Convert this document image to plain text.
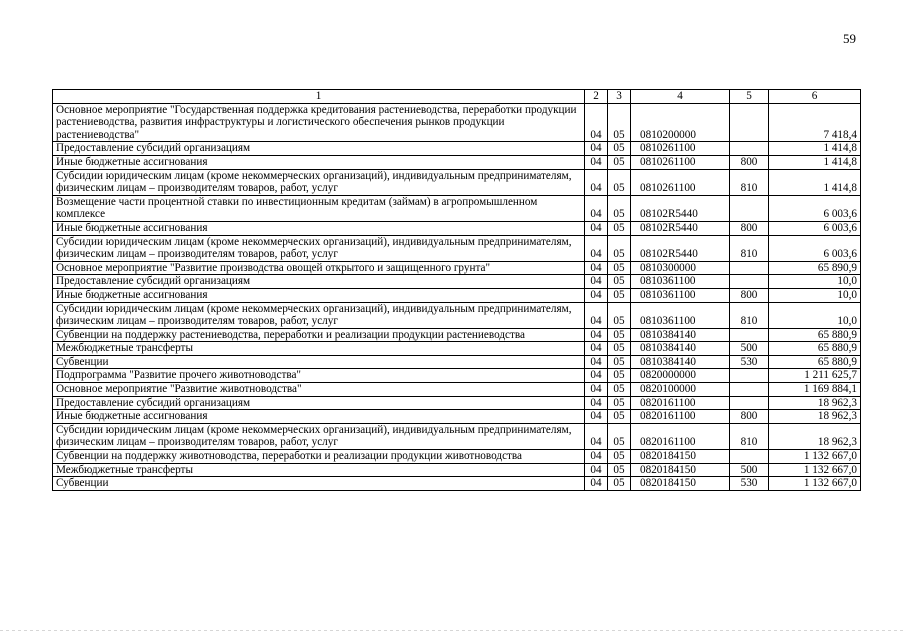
59
1	2	3	4	5	6
Основное мероприятие "Государственная поддержка кредитования растениеводства, переработки продукции растениеводства, развития инфраструктуры и логистического обеспечения рынков продукции растениеводства"	04	05	0810200000		7 418,4
Предоставление субсидий организациям	04	05	0810261100		1 414,8
Иные бюджетные ассигнования	04	05	0810261100	800	1 414,8
Субсидии юридическим лицам (кроме некоммерческих организаций), индивидуальным предпринимателям, физическим лицам – производителям товаров, работ, услуг	04	05	0810261100	810	1 414,8
Возмещение части процентной ставки по инвестиционным кредитам (займам) в агропромышленном комплексе	04	05	08102R5440		6 003,6
Иные бюджетные ассигнования	04	05	08102R5440	800	6 003,6
Субсидии юридическим лицам (кроме некоммерческих организаций), индивидуальным предпринимателям, физическим лицам – производителям товаров, работ, услуг	04	05	08102R5440	810	6 003,6
Основное мероприятие "Развитие производства овощей открытого и защищенного грунта"	04	05	0810300000		65 890,9
Предоставление субсидий организациям	04	05	0810361100		10,0
Иные бюджетные ассигнования	04	05	0810361100	800	10,0
Субсидии юридическим лицам (кроме некоммерческих организаций), индивидуальным предпринимателям, физическим лицам – производителям товаров, работ, услуг	04	05	0810361100	810	10,0
Субвенции на поддержку растениеводства, переработки и реализации продукции растениеводства	04	05	0810384140		65 880,9
Межбюджетные трансферты	04	05	0810384140	500	65 880,9
Субвенции	04	05	0810384140	530	65 880,9
Подпрограмма "Развитие прочего животноводства"	04	05	0820000000		1 211 625,7
Основное мероприятие "Развитие животноводства"	04	05	0820100000		1 169 884,1
Предоставление субсидий организациям	04	05	0820161100		18 962,3
Иные бюджетные ассигнования	04	05	0820161100	800	18 962,3
Субсидии юридическим лицам (кроме некоммерческих организаций), индивидуальным предпринимателям, физическим лицам – производителям товаров, работ, услуг	04	05	0820161100	810	18 962,3
Субвенции на поддержку животноводства, переработки и реализации продукции животноводства	04	05	0820184150		1 132 667,0
Межбюджетные трансферты	04	05	0820184150	500	1 132 667,0
Субвенции	04	05	0820184150	530	1 132 667,0
